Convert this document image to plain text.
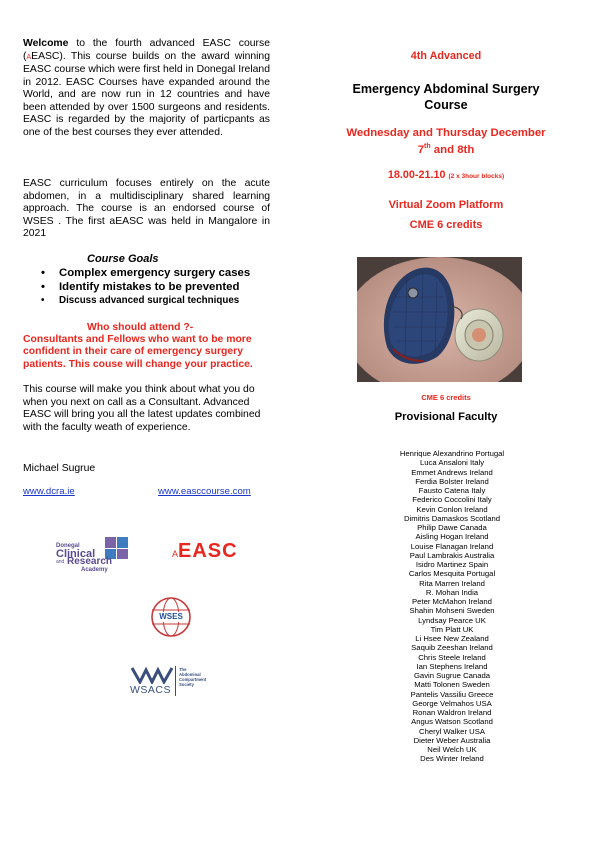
Welcome to the fourth advanced EASC course (AEASC). This course builds on the award winning EASC course which were first held in Donegal Ireland in 2012. EASC Courses have expanded around the World, and are now run in 12 countries and have been attended by over 1500 surgeons and residents. EASC is regarded by the majority of particpants as one of the best courses they ever attended.

EASC curriculum focuses entirely on the acute abdomen, in a multidisciplinary shared learning approach. The course is an endorsed course of WSES . The first aEASC was held in Mangalore in 2021

Course Goals
• Complex emergency surgery cases
• Identify mistakes to be prevented
• Discuss advanced surgical techniques
Who should attend ?-

Consultants and Fellows who want to be more confident in their care of emergency surgery patients. This couse will change your practice.

This course will make you think about what you do when you next on call as a Consultant. Advanced EASC will bring you all the latest updates combined with the faculty weath of experience.

Michael Sugrue
www.dcra.ie	www.easccourse.com
Donegal
Clinical
and Research
Academy
AEASC
WSES
WSACS
The
Abdominal
Compartment
Society
4th Advanced
Emergency Abdominal Surgery
Course
Wednesday and Thursday December
7th and 8th
18.00-21.10 (2 x 3hour blocks)
Virtual Zoom Platform
CME 6 credits
CME 6 credits
Provisional Faculty
Henrique Alexandrino Portugal
Luca Ansaloni Italy
Emmet Andrews Ireland
Ferdia Bolster Ireland
Fausto Catena Italy
Federico Coccolini Italy
Kevin Conlon Ireland
Dimitris Damaskos Scotland
Philip Dawe Canada
Aisling Hogan Ireland
Louise Flanagan Ireland
Paul Lambrakis Australia
Isidro Martinez Spain
Carlos Mesquita Portugal
Rita Marren Ireland
R. Mohan India
Peter McMahon Ireland
Shahin Mohseni Sweden
Lyndsay Pearce UK
Tim Platt UK
Li Hsee New Zealand
Saquib Zeeshan Ireland
Chris Steele Ireland
Ian Stephens Ireland
Gavin Sugrue Canada
Matti Tolonen Sweden
Pantelis Vassiliu Greece
George Velmahos USA
Ronan Waldron Ireland
Angus Watson Scotland
Cheryl Walker USA
Dieter Weber Australia
Neil Welch UK
Des Winter Ireland
